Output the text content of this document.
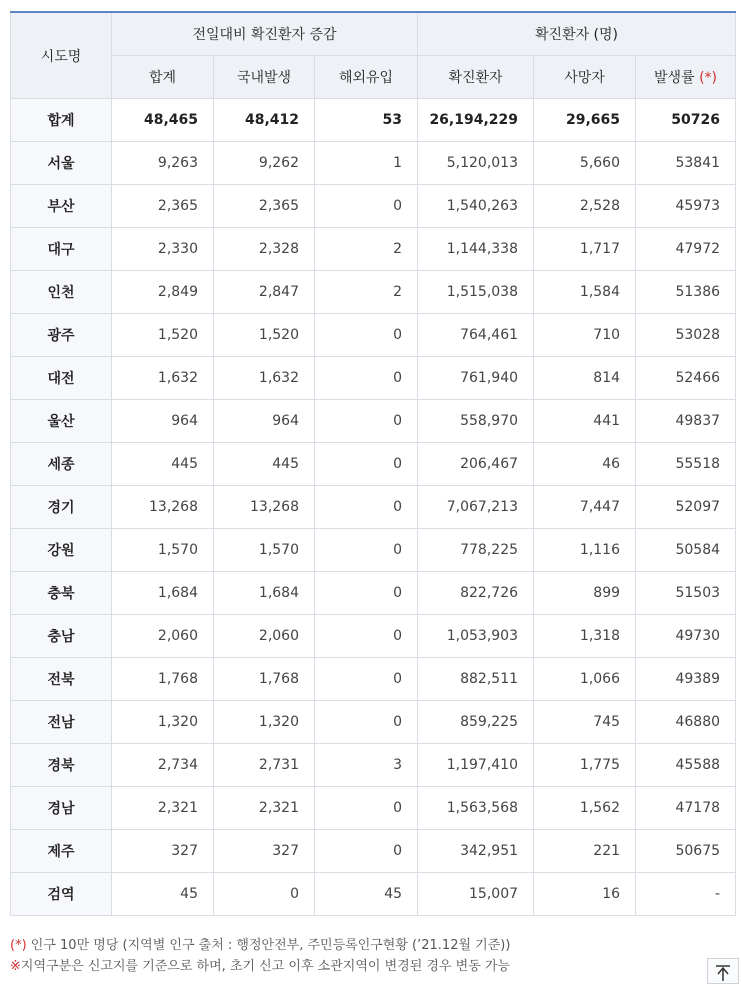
시도명	전일대비 확진환자 증감			확진환자 (명)		
	합계	국내발생	해외유입	확진환자	사망자	발생률 (*)
합계	48,465	48,412	53	26,194,229	29,665	50726
서울	9,263	9,262	1	5,120,013	5,660	53841
부산	2,365	2,365	0	1,540,263	2,528	45973
대구	2,330	2,328	2	1,144,338	1,717	47972
인천	2,849	2,847	2	1,515,038	1,584	51386
광주	1,520	1,520	0	764,461	710	53028
대전	1,632	1,632	0	761,940	814	52466
울산	964	964	0	558,970	441	49837
세종	445	445	0	206,467	46	55518
경기	13,268	13,268	0	7,067,213	7,447	52097
강원	1,570	1,570	0	778,225	1,116	50584
충북	1,684	1,684	0	822,726	899	51503
충남	2,060	2,060	0	1,053,903	1,318	49730
전북	1,768	1,768	0	882,511	1,066	49389
전남	1,320	1,320	0	859,225	745	46880
경북	2,734	2,731	3	1,197,410	1,775	45588
경남	2,321	2,321	0	1,563,568	1,562	47178
제주	327	327	0	342,951	221	50675
검역	45	0	45	15,007	16	-
(*) 인구 10만 명당 (지역별 인구 출처 : 행정안전부, 주민등록인구현황 (’21.12월 기준))
※지역구분은 신고지를 기준으로 하며, 초기 신고 이후 소관지역이 변경된 경우 변동 가능
